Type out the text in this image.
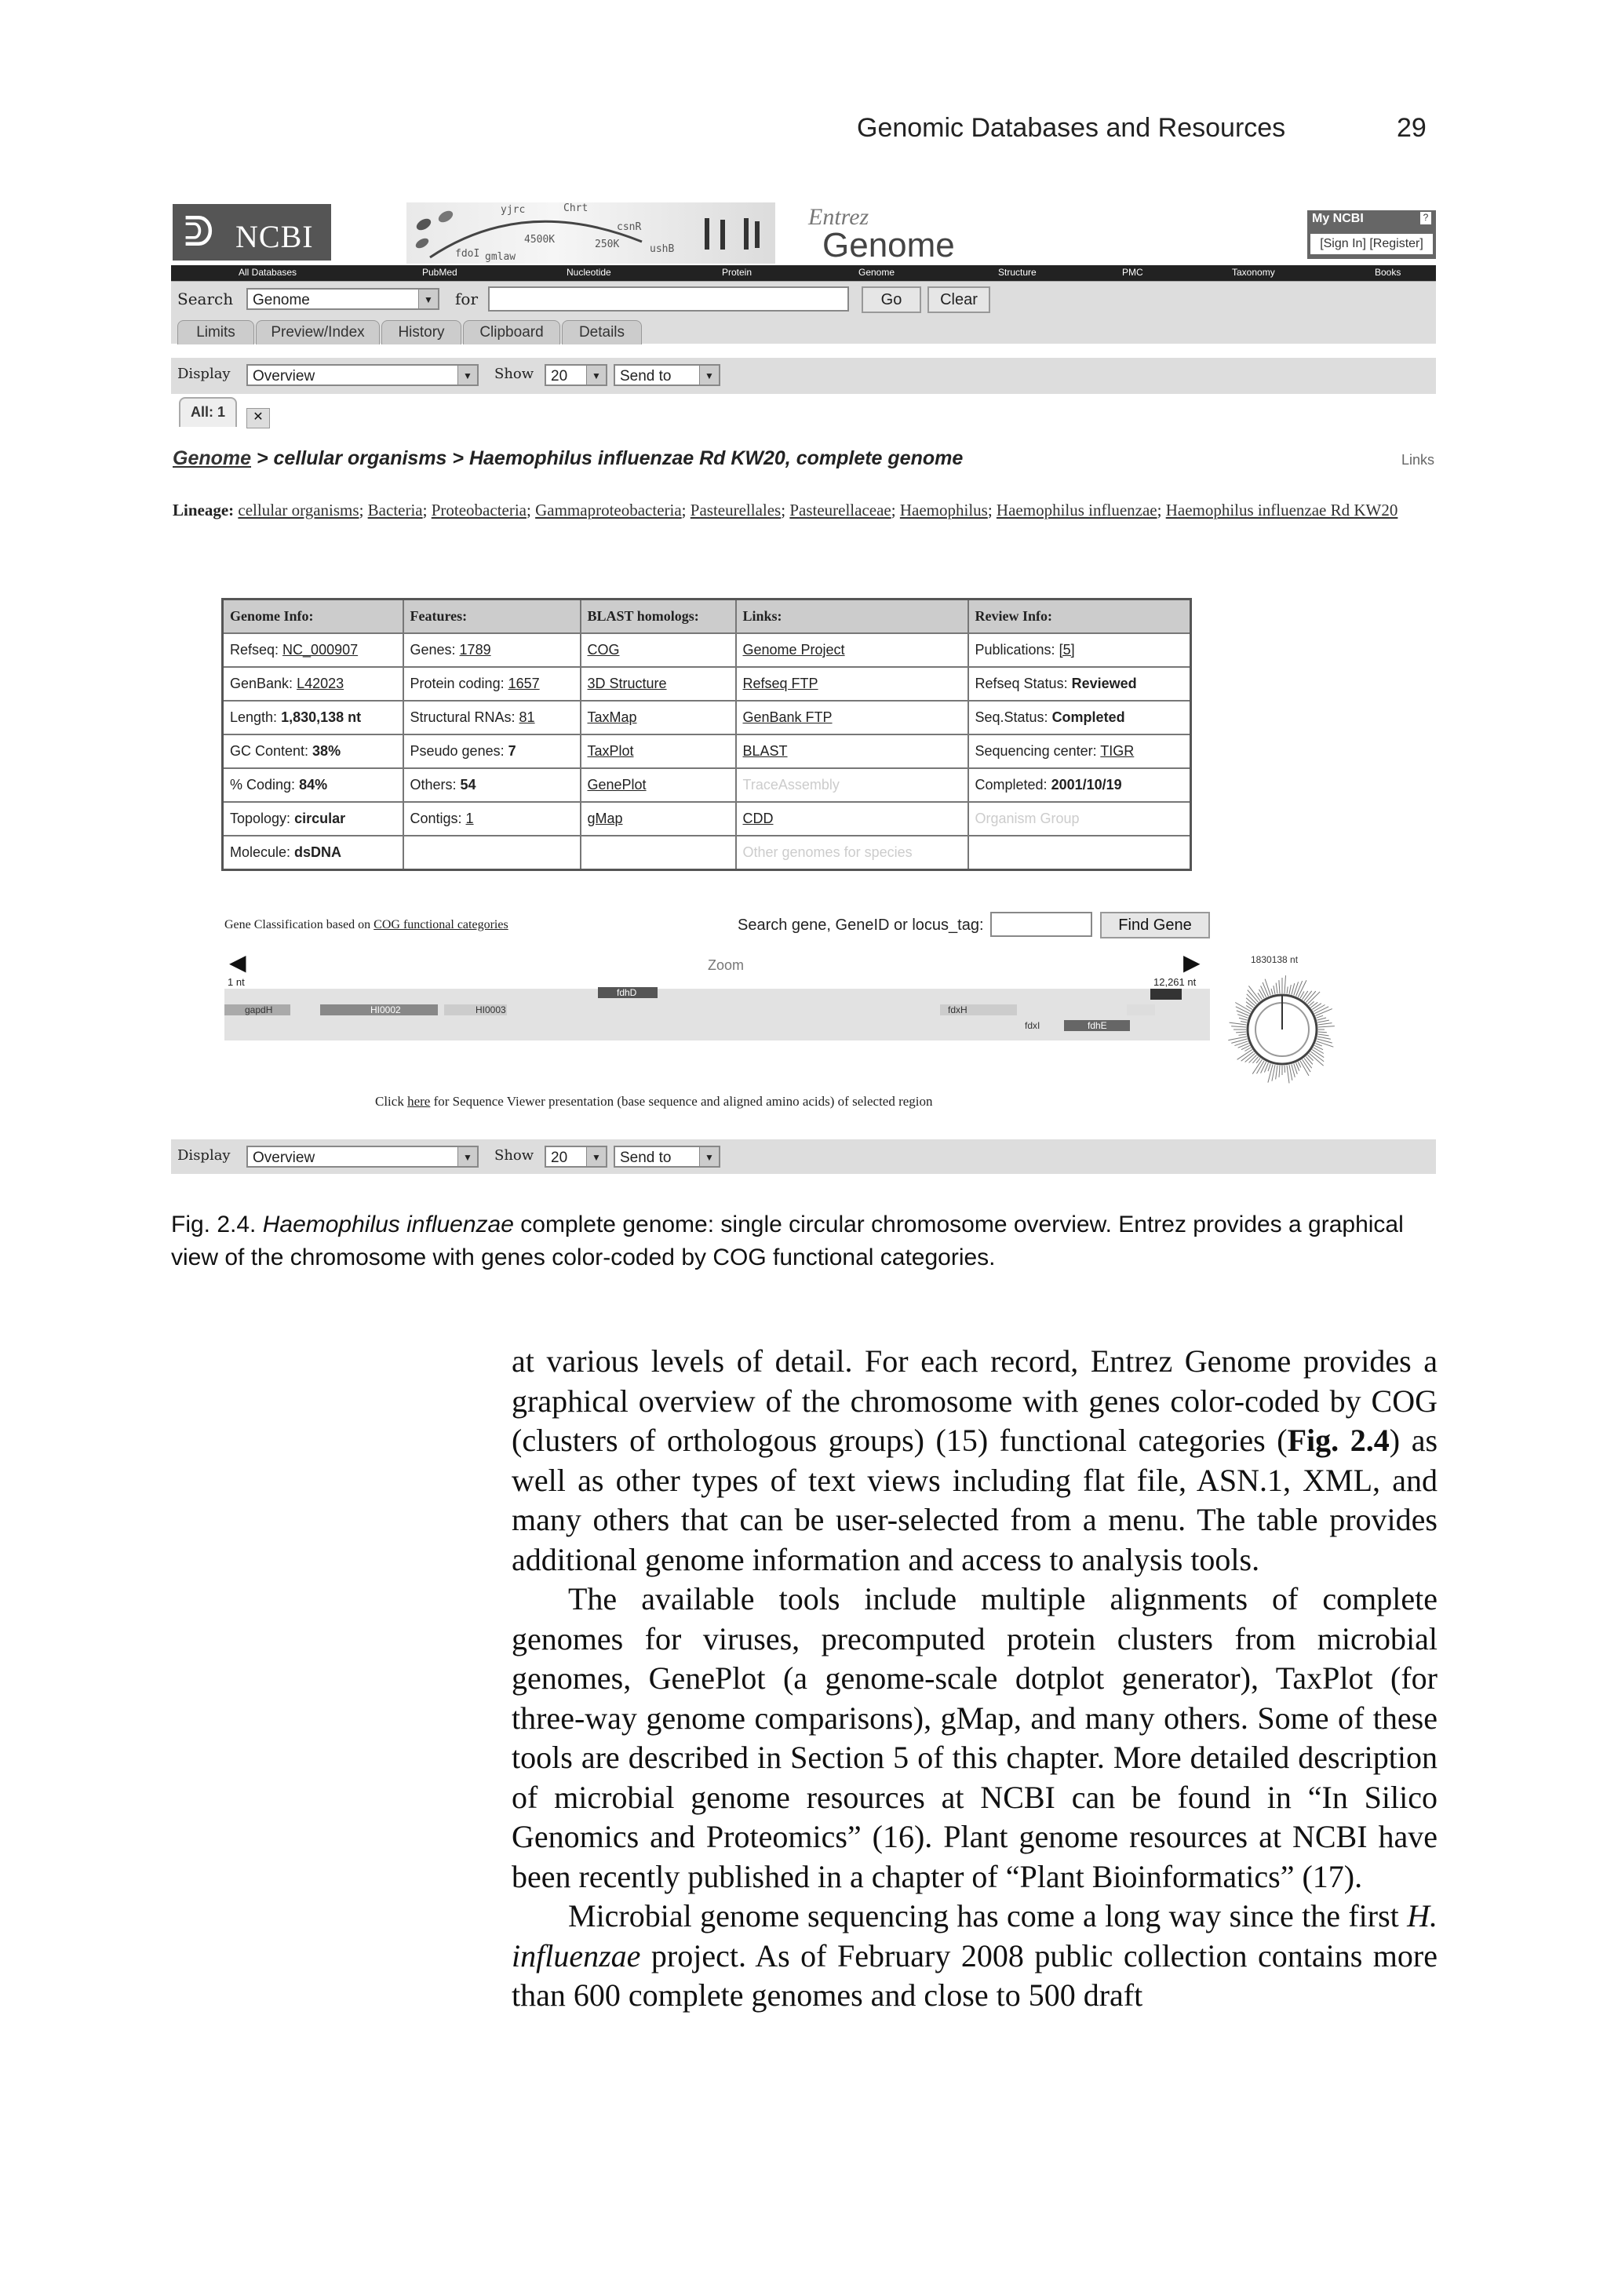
Genomic Databases and Resources	29
ᕲ NCBI
yjrc	Chrt
4500K	250K
csnR
fdoI gmlaw
ushB
Entrez
Genome
My NCBI	?
[Sign In] [Register]
All Databases	PubMed	Nucleotide	Protein	Genome	Structure	PMC	Taxonomy	Books
Search	Genome	▼	for	Go	Clear
Limits	Preview/Index	History	Clipboard	Details
Display	Overview	▼	Show	20	▼	Send to	▼
All: 1	✕
Genome > cellular organisms > Haemophilus influenzae Rd KW20, complete genome	Links
Lineage: cellular organisms; Bacteria; Proteobacteria; Gammaproteobacteria; Pasteurellales; Pasteurellaceae; Haemophilus; Haemophilus influenzae; Haemophilus influenzae Rd KW20
Genome Info:	Features:	BLAST homologs:	Links:	Review Info:
Refseq: NC_000907	Genes: 1789	COG	Genome Project	Publications: [5]
GenBank: L42023	Protein coding: 1657	3D Structure	Refseq FTP	Refseq Status: Reviewed
Length: 1,830,138 nt	Structural RNAs: 81	TaxMap	GenBank FTP	Seq.Status: Completed
GC Content: 38%	Pseudo genes: 7	TaxPlot	BLAST	Sequencing center: TIGR
% Coding: 84%	Others: 54	GenePlot	TraceAssembly	Completed: 2001/10/19
Topology: circular	Contigs: 1	gMap	CDD	Organism Group
Molecule: dsDNA			Other genomes for species	
Gene Classification based on COG functional categories	Search gene, GeneID or locus_tag:	Find Gene
◀	Zoom	▶
1 nt	12,261 nt
gapdH	HI0002	HI0003
fdhD
fdxH
fdxI	fdhE
1830138 nt
Click here for Sequence Viewer presentation (base sequence and aligned amino acids) of selected region
Display	Overview	▼	Show	20	▼	Send to	▼
Fig. 2.4. Haemophilus influenzae complete genome: single circular chromosome overview. Entrez provides a graphical view of the chromosome with genes color-coded by COG functional categories.

at various levels of detail. For each record, Entrez Genome provides a graphical overview of the chromosome with genes color-coded by COG (clusters of orthologous groups) (15) functional categories (Fig. 2.4) as well as other types of text views including flat file, ASN.1, XML, and many others that can be user-selected from a menu. The table provides additional genome information and access to analysis tools.

The available tools include multiple alignments of complete genomes for viruses, precomputed protein clusters from microbial genomes, GenePlot (a genome-scale dotplot generator), TaxPlot (for three-way genome comparisons), gMap, and many others. Some of these tools are described in Section 5 of this chapter. More detailed description of microbial genome resources at NCBI can be found in “In Silico Genomics and Proteomics” (16). Plant genome resources at NCBI have been recently published in a chapter of “Plant Bioinformatics” (17).

Microbial genome sequencing has come a long way since the first H. influenzae project. As of February 2008 public collection contains more than 600 complete genomes and close to 500 draft
